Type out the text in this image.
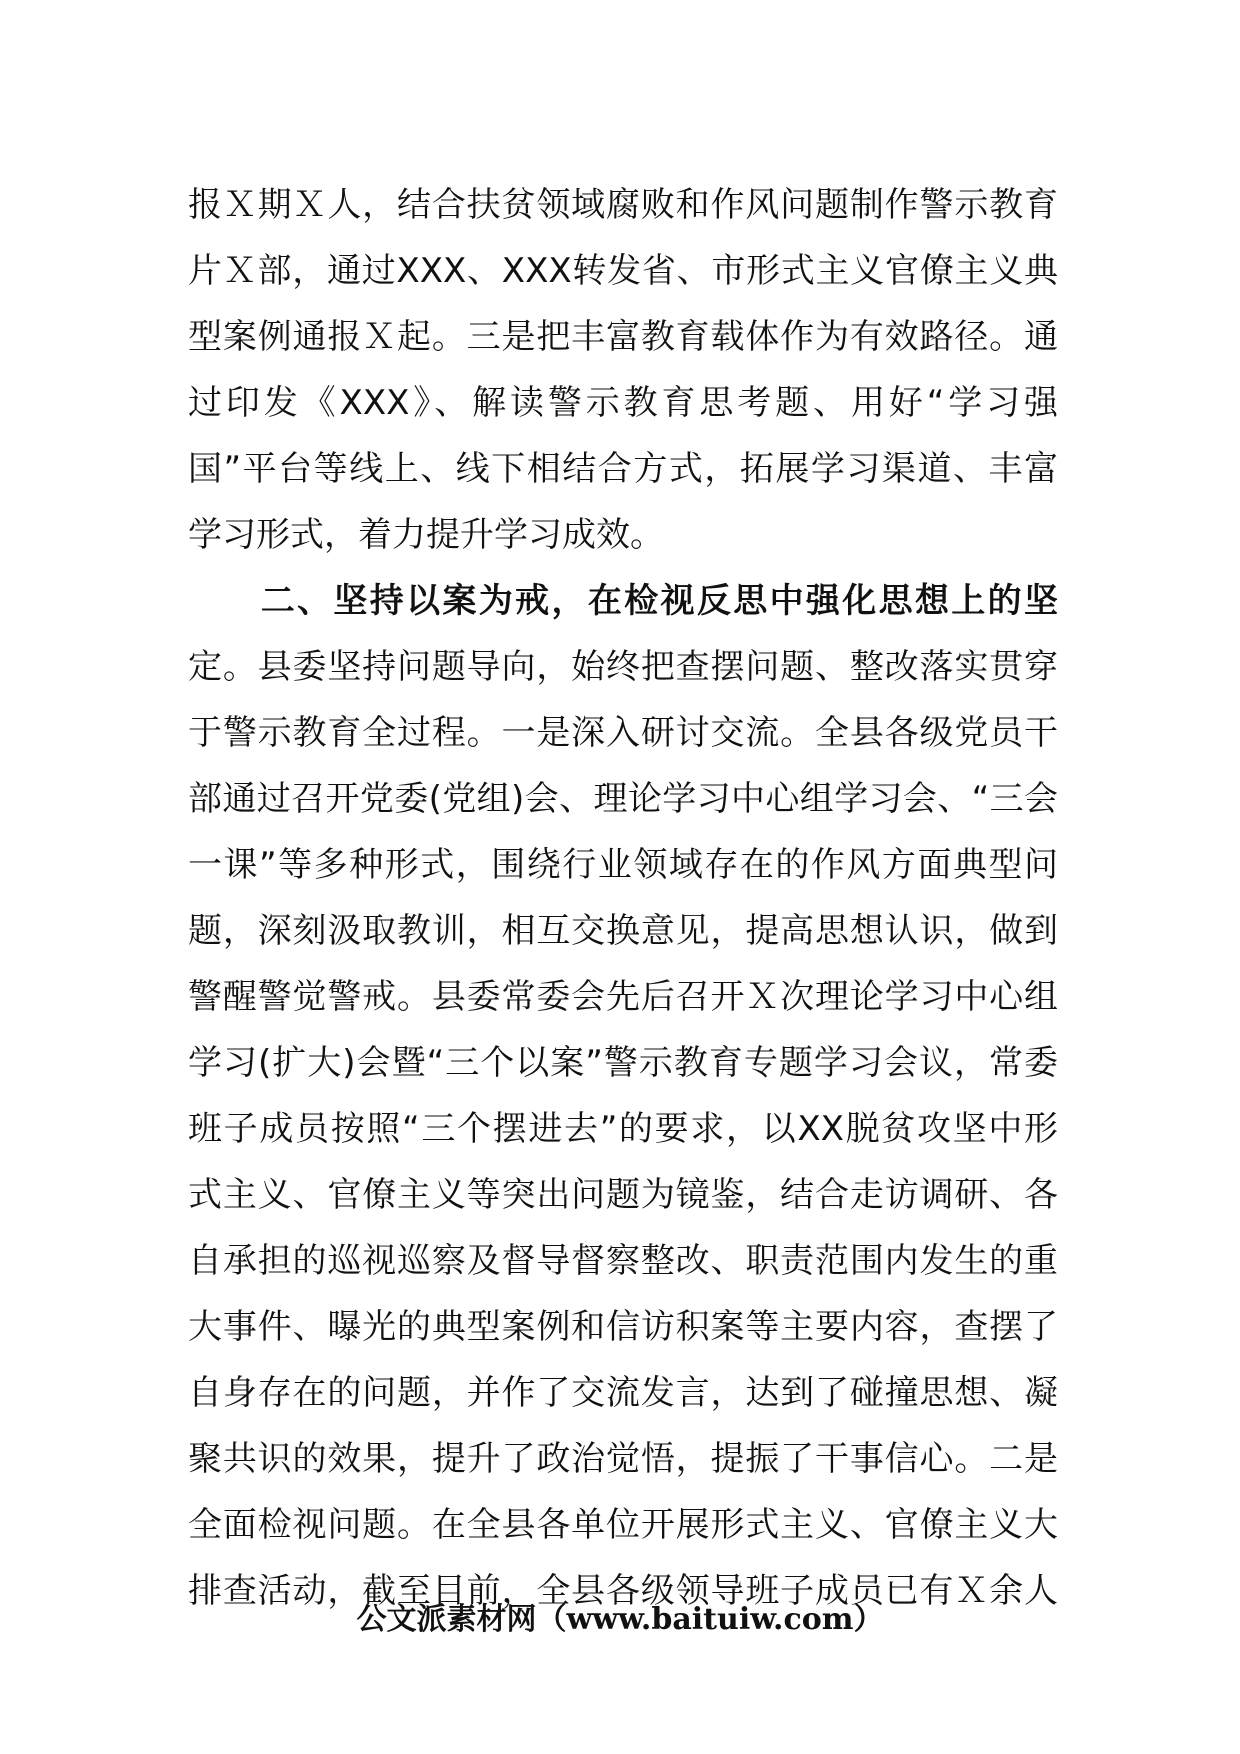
报Ｘ期Ｘ人，结合扶贫领域腐败和作风问题制作警示教育
片Ｘ部，通过XXX、XXX转发省、市形式主义官僚主义典
型案例通报Ｘ起。三是把丰富教育载体作为有效路径。通
过印发《XXX》、解读警示教育思考题、用好“学习强
国”平台等线上、线下相结合方式，拓展学习渠道、丰富
学习形式，着力提升学习成效。
　　二、坚持以案为戒，在检视反思中强化思想上的坚
定。县委坚持问题导向，始终把查摆问题、整改落实贯穿
于警示教育全过程。一是深入研讨交流。全县各级党员干
部通过召开党委(党组)会、理论学习中心组学习会、“三会
一课”等多种形式，围绕行业领域存在的作风方面典型问
题，深刻汲取教训，相互交换意见，提高思想认识，做到
警醒警觉警戒。县委常委会先后召开Ｘ次理论学习中心组
学习(扩大)会暨“三个以案”警示教育专题学习会议，常委
班子成员按照“三个摆进去”的要求，以XX脱贫攻坚中形
式主义、官僚主义等突出问题为镜鉴，结合走访调研、各
自承担的巡视巡察及督导督察整改、职责范围内发生的重
大事件、曝光的典型案例和信访积案等主要内容，查摆了
自身存在的问题，并作了交流发言，达到了碰撞思想、凝
聚共识的效果，提升了政治觉悟，提振了干事信心。二是
全面检视问题。在全县各单位开展形式主义、官僚主义大
排查活动，截至目前，全县各级领导班子成员已有Ｘ余人
公文派素材网（www.baituiw.com）
